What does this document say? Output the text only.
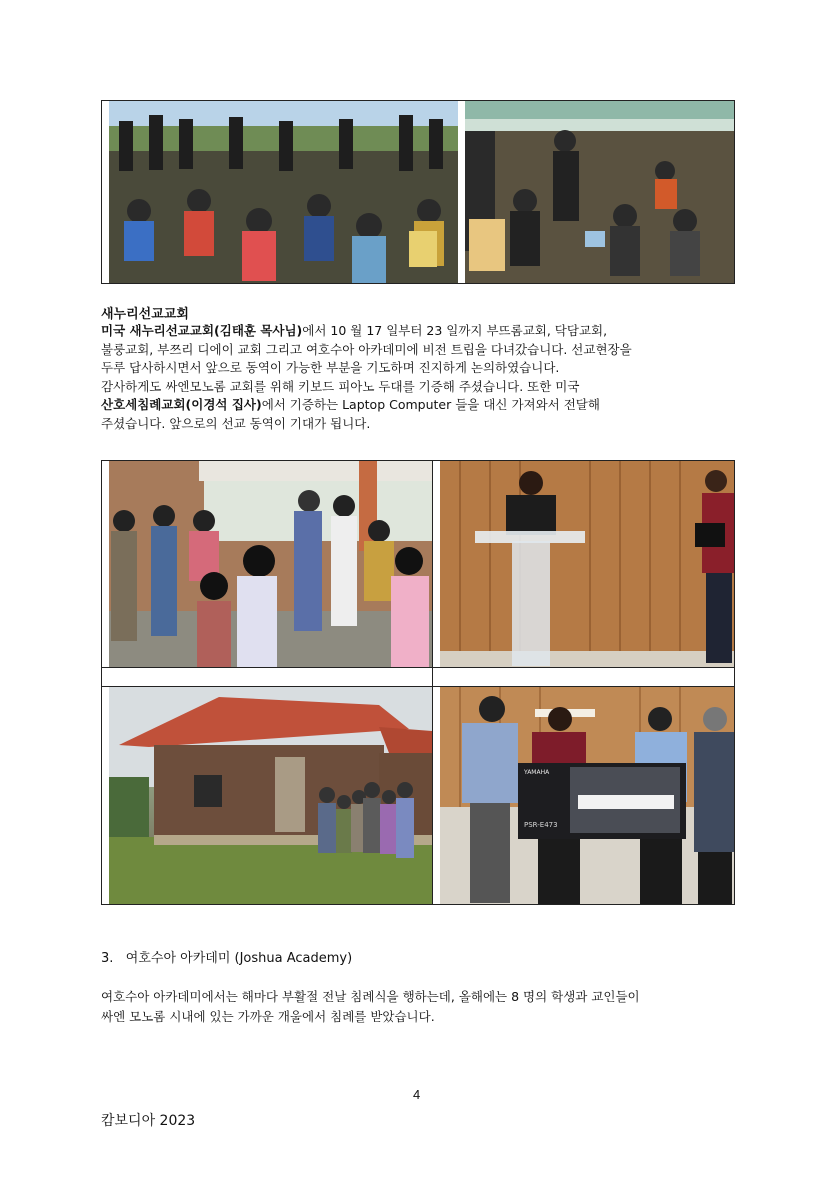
새누리선교교회
미국 새누리선교교회(김태훈 목사님)에서 10 월 17 일부터 23 일까지 부뜨롬교회, 닥담교회,
불룽교회, 부쯔리 디에이 교회 그리고 여호수아 아카데미에 비전 트립을 다녀갔습니다. 선교현장을
두루 답사하시면서 앞으로 동역이 가능한 부분을 기도하며 진지하게 논의하였습니다.
감사하게도 싸엔모노롬 교회를 위해 키보드 피아노 두대를 기증해 주셨습니다. 또한 미국
산호세침례교회(이경석 집사)에서 기증하는 Laptop Computer 들을 대신 가져와서 전달해
주셨습니다. 앞으로의 선교 동역이 기대가 됩니다.
YAMAHA
PSR-E473
3.   여호수아 아카데미 (Joshua Academy)
여호수아 아카데미에서는 해마다 부활절 전날 침례식을 행하는데, 올해에는 8 명의 학생과 교인들이
싸엔 모노롬 시내에 있는 가까운 개울에서 침례를 받았습니다.
4
캄보디아 2023
